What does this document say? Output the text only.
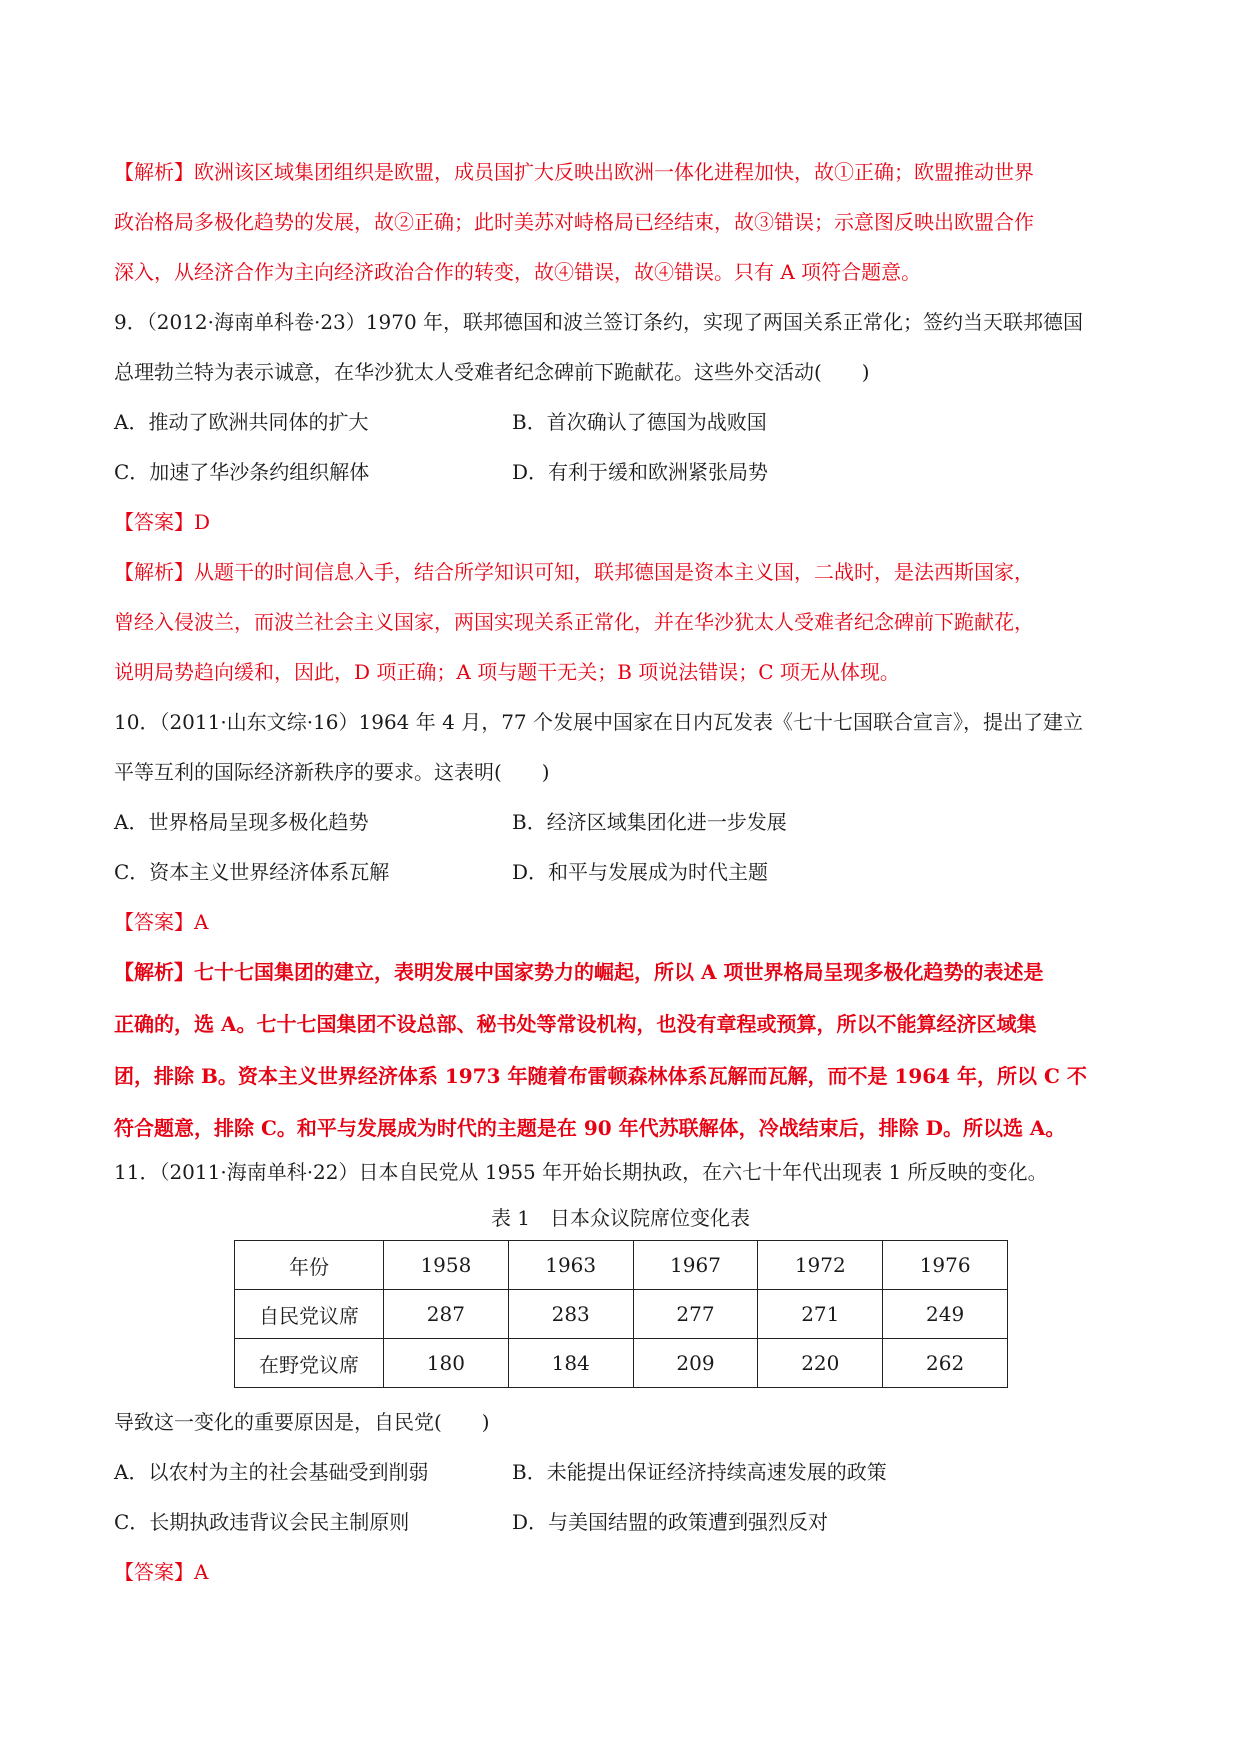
【解析】欧洲该区域集团组织是欧盟，成员国扩大反映出欧洲一体化进程加快，故①正确；欧盟推动世界
政治格局多极化趋势的发展，故②正确；此时美苏对峙格局已经结束，故③错误；示意图反映出欧盟合作
深入，从经济合作为主向经济政治合作的转变，故④错误，故④错误。只有 A 项符合题意。
9．（2012·海南单科卷·23）1970 年，联邦德国和波兰签订条约，实现了两国关系正常化；签约当天联邦德国
总理勃兰特为表示诚意，在华沙犹太人受难者纪念碑前下跪献花。这些外交活动(　　)
A．推动了欧洲共同体的扩大	B．首次确认了德国为战败国
C．加速了华沙条约组织解体	D．有利于缓和欧洲紧张局势
【答案】D
【解析】从题干的时间信息入手，结合所学知识可知，联邦德国是资本主义国，二战时，是法西斯国家，
曾经入侵波兰，而波兰社会主义国家，两国实现关系正常化，并在华沙犹太人受难者纪念碑前下跪献花，
说明局势趋向缓和，因此，D 项正确；A 项与题干无关；B 项说法错误；C 项无从体现。
10．（2011·山东文综·16）1964 年 4 月，77 个发展中国家在日内瓦发表《七十七国联合宣言》，提出了建立
平等互利的国际经济新秩序的要求。这表明(　　)
A．世界格局呈现多极化趋势	B．经济区域集团化进一步发展
C．资本主义世界经济体系瓦解	D．和平与发展成为时代主题
【答案】A
【解析】七十七国集团的建立，表明发展中国家势力的崛起，所以 A 项世界格局呈现多极化趋势的表述是
正确的，选 A。七十七国集团不设总部、秘书处等常设机构，也没有章程或预算，所以不能算经济区域集
团，排除 B。资本主义世界经济体系 1973 年随着布雷顿森林体系瓦解而瓦解，而不是 1964 年，所以 C 不
符合题意，排除 C。和平与发展成为时代的主题是在 90 年代苏联解体，冷战结束后，排除 D。所以选 A。
11．（2011·海南单科·22）日本自民党从 1955 年开始长期执政，在六七十年代出现表 1 所反映的变化。
表 1　日本众议院席位变化表
年份	1958	1963	1967	1972	1976
自民党议席	287	283	277	271	249
在野党议席	180	184	209	220	262
导致这一变化的重要原因是，自民党(　　)
A．以农村为主的社会基础受到削弱	B．未能提出保证经济持续高速发展的政策
C．长期执政违背议会民主制原则	D．与美国结盟的政策遭到强烈反对
【答案】A
